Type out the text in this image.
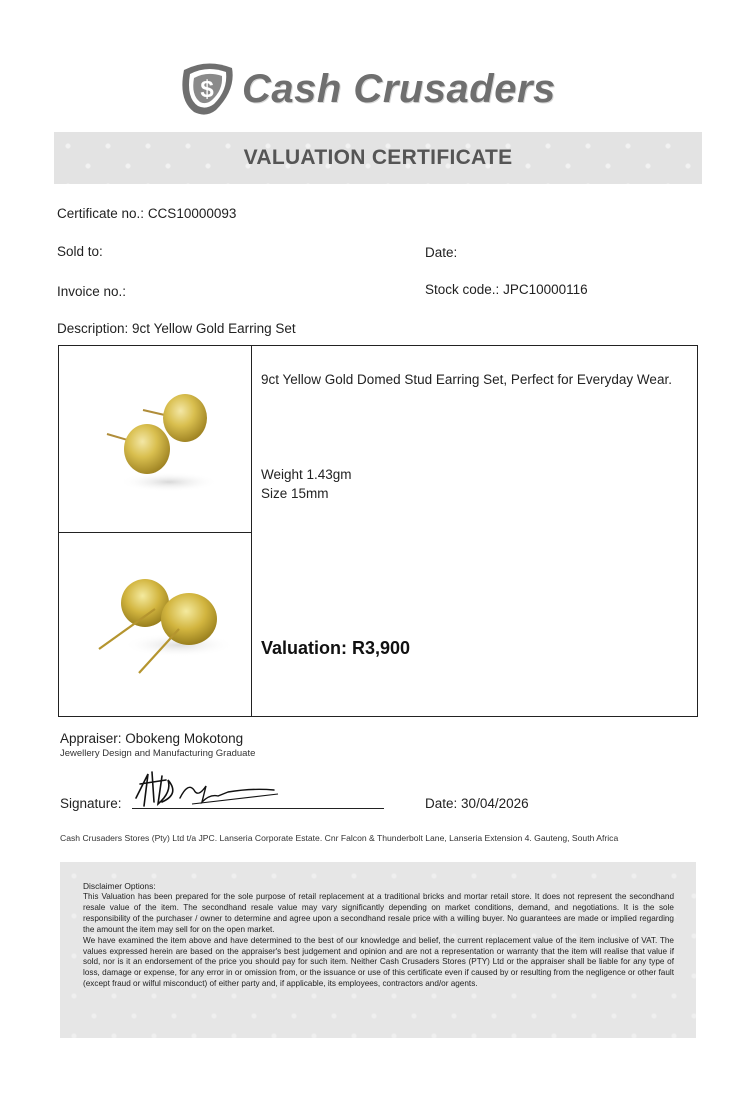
$ Cash Crusaders
VALUATION CERTIFICATE
Certificate no.: CCS10000093
Sold to:	Date:
Invoice no.:	Stock code.: JPC10000116
Description: 9ct Yellow Gold Earring Set
9ct Yellow Gold Domed Stud Earring Set, Perfect for Everyday Wear.
Weight 1.43gm
Size 15mm
Valuation: R3,900
Appraiser: Obokeng Mokotong
Jewellery Design and Manufacturing Graduate
Signature:	Date: 30/04/2026
Cash Crusaders Stores (Pty) Ltd t/a JPC. Lanseria Corporate Estate. Cnr Falcon & Thunderbolt Lane, Lanseria Extension 4. Gauteng, South Africa
Disclaimer Options:

This Valuation has been prepared for the sole purpose of retail replacement at a traditional bricks and mortar retail store. It does not represent the secondhand resale value of the item. The secondhand resale value may vary significantly depending on market conditions, demand, and negotiations. It is the sole responsibility of the purchaser / owner to determine and agree upon a secondhand resale price with a willing buyer. No guarantees are made or implied regarding the amount the item may sell for on the open market.

We have examined the item above and have determined to the best of our knowledge and belief, the current replacement value of the item inclusive of VAT. The values expressed herein are based on the appraiser's best judgement and opinion and are not a representation or warranty that the item will realise that value if sold, nor is it an endorsement of the price you should pay for such item. Neither Cash Crusaders Stores (PTY) Ltd or the appraiser shall be liable for any type of loss, damage or expense, for any error in or omission from, or the issuance or use of this certificate even if caused by or resulting from the negligence or other fault (except fraud or wilful misconduct) of either party and, if applicable, its employees, contractors and/or agents.
